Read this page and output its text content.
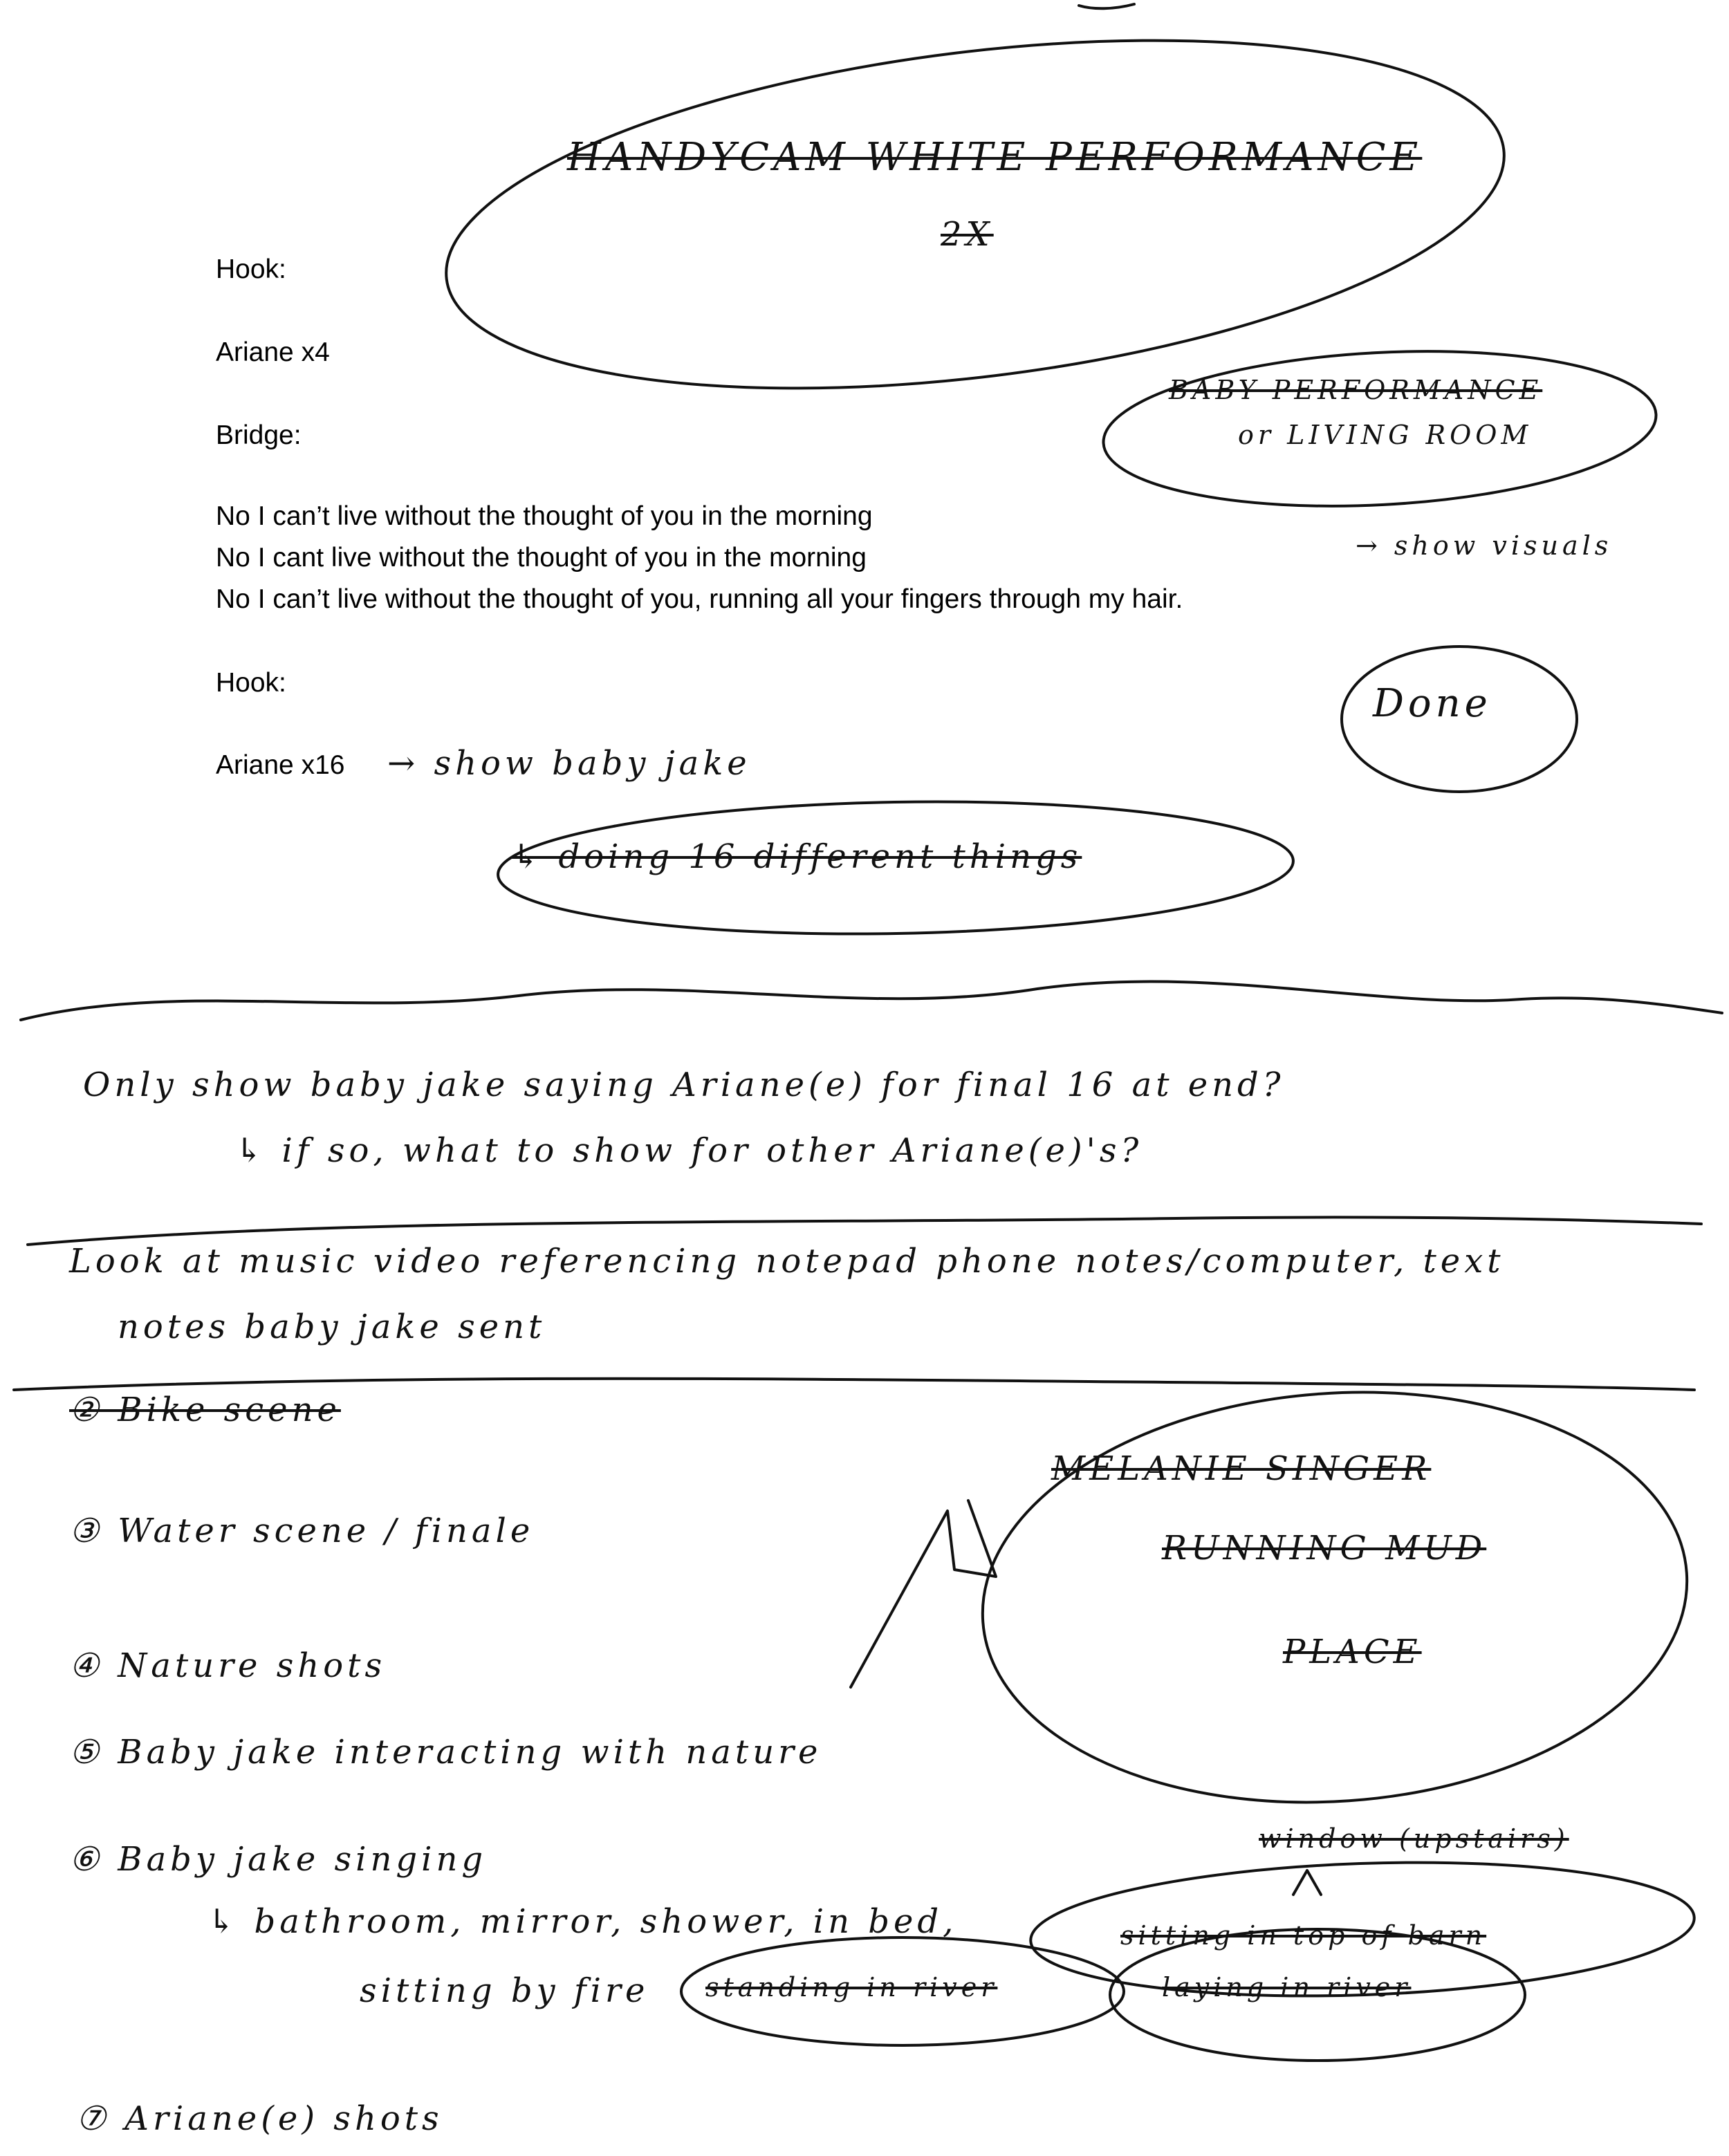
Hook:
Ariane x4
Bridge:
No I can’t live without the thought of you in the morning
No I cant live without the thought of you in the morning
No I can’t live without the thought of you, running all your fingers through my hair.
Hook:
Ariane x16
HANDYCAM WHITE PERFORMANCE
2X
BABY PERFORMANCE
or LIVING ROOM
→ show visuals
Done
→ show baby jake
↳ doing 16 different things
Only show baby jake saying Ariane(e) for final 16 at end?
↳ if so, what to show for other Ariane(e)'s?
Look at music video referencing notepad phone notes/computer, text
notes baby jake sent
② Bike scene
③ Water scene / finale
④ Nature shots
⑤ Baby jake interacting with nature
⑥ Baby jake singing
↳ bathroom, mirror, shower, in bed,
sitting by fire
⑦ Ariane(e) shots
MELANIE SINGER
RUNNING MUD
PLACE
window (upstairs)
sitting in top of barn
standing in river	laying in river
